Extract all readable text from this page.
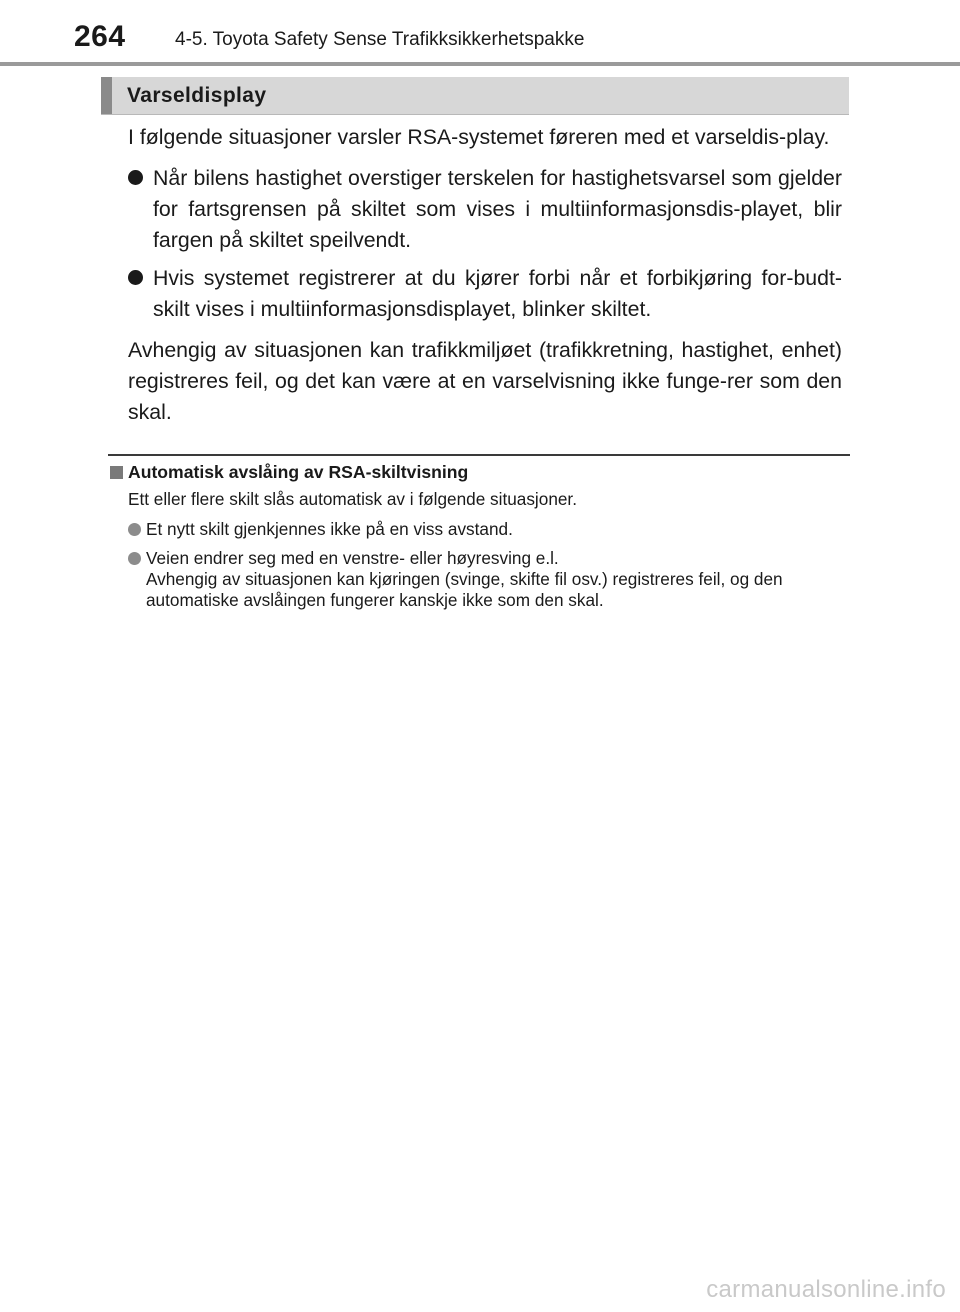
264	4-5. Toyota Safety Sense Trafikksikkerhetspakke
Varseldisplay

I følgende situasjoner varsler RSA-systemet føreren med et varseldis-play.

Når bilens hastighet overstiger terskelen for hastighetsvarsel som gjelder for fartsgrensen på skiltet som vises i multiinformasjonsdis-playet, blir fargen på skiltet speilvendt.
Hvis systemet registrerer at du kjører forbi når et forbikjøring for-budt-skilt vises i multiinformasjonsdisplayet, blinker skiltet.

Avhengig av situasjonen kan trafikkmiljøet (trafikkretning, hastighet, enhet) registreres feil, og det kan være at en varselvisning ikke funge-rer som den skal.

Automatisk avslåing av RSA-skiltvisning
Ett eller flere skilt slås automatisk av i følgende situasjoner.
Et nytt skilt gjenkjennes ikke på en viss avstand.
Veien endrer seg med en venstre- eller høyresving e.l.
Avhengig av situasjonen kan kjøringen (svinge, skifte fil osv.) registreres feil, og den automatiske avslåingen fungerer kanskje ikke som den skal.
carmanualsonline.info
